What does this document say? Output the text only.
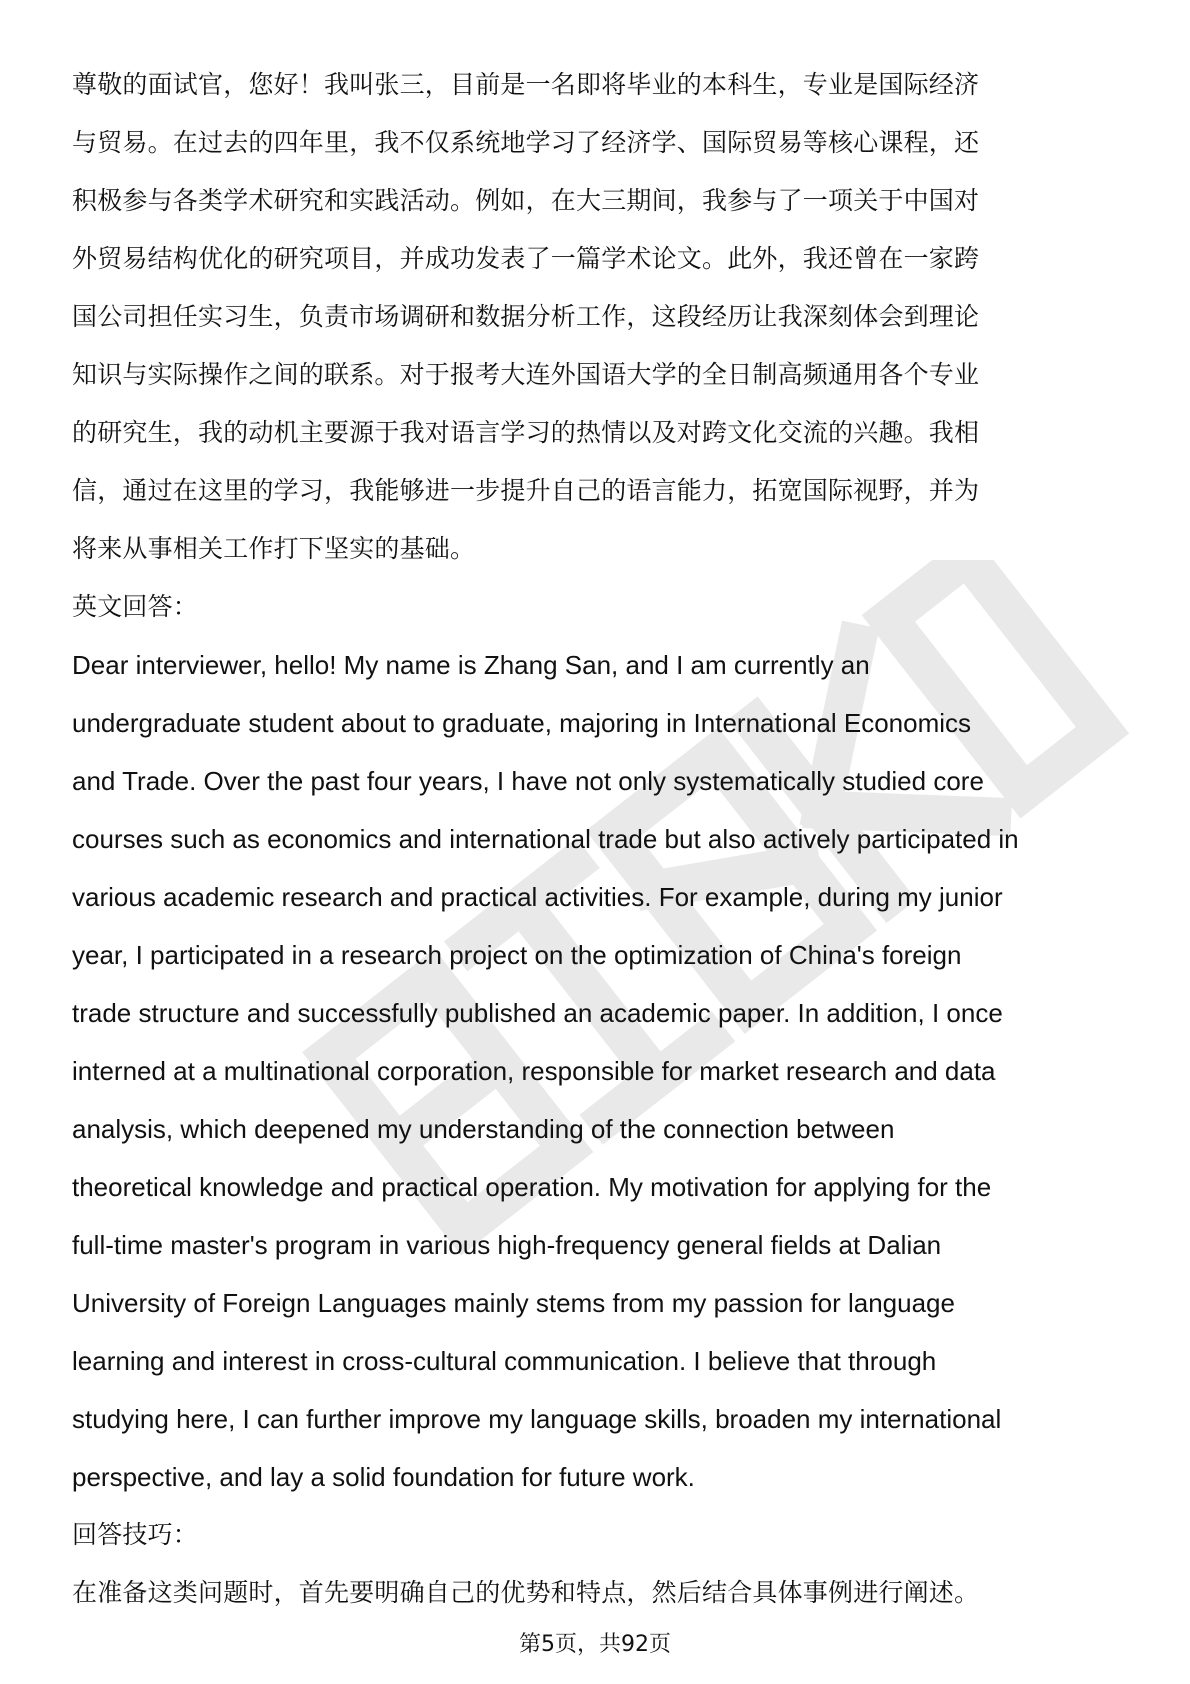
尊敬的面试官，您好！我叫张三，目前是一名即将毕业的本科生，专业是国际经济
与贸易。在过去的四年里，我不仅系统地学习了经济学、国际贸易等核心课程，还
积极参与各类学术研究和实践活动。例如，在大三期间，我参与了一项关于中国对
外贸易结构优化的研究项目，并成功发表了一篇学术论文。此外，我还曾在一家跨
国公司担任实习生，负责市场调研和数据分析工作，这段经历让我深刻体会到理论
知识与实际操作之间的联系。对于报考大连外国语大学的全日制高频通用各个专业
的研究生，我的动机主要源于我对语言学习的热情以及对跨文化交流的兴趣。我相
信，通过在这里的学习，我能够进一步提升自己的语言能力，拓宽国际视野，并为
将来从事相关工作打下坚实的基础。
英文回答：
Dear interviewer, hello! My name is Zhang San, and I am currently an
undergraduate student about to graduate, majoring in International Economics
and Trade. Over the past four years, I have not only systematically studied core
courses such as economics and international trade but also actively participated in
various academic research and practical activities. For example, during my junior
year, I participated in a research project on the optimization of China's foreign
trade structure and successfully published an academic paper. In addition, I once
interned at a multinational corporation, responsible for market research and data
analysis, which deepened my understanding of the connection between
theoretical knowledge and practical operation. My motivation for applying for the
full-time master's program in various high-frequency general fields at Dalian
University of Foreign Languages mainly stems from my passion for language
learning and interest in cross-cultural communication. I believe that through
studying here, I can further improve my language skills, broaden my international
perspective, and lay a solid foundation for future work.
回答技巧：
在准备这类问题时，首先要明确自己的优势和特点，然后结合具体事例进行阐述。
第5页，共92页
